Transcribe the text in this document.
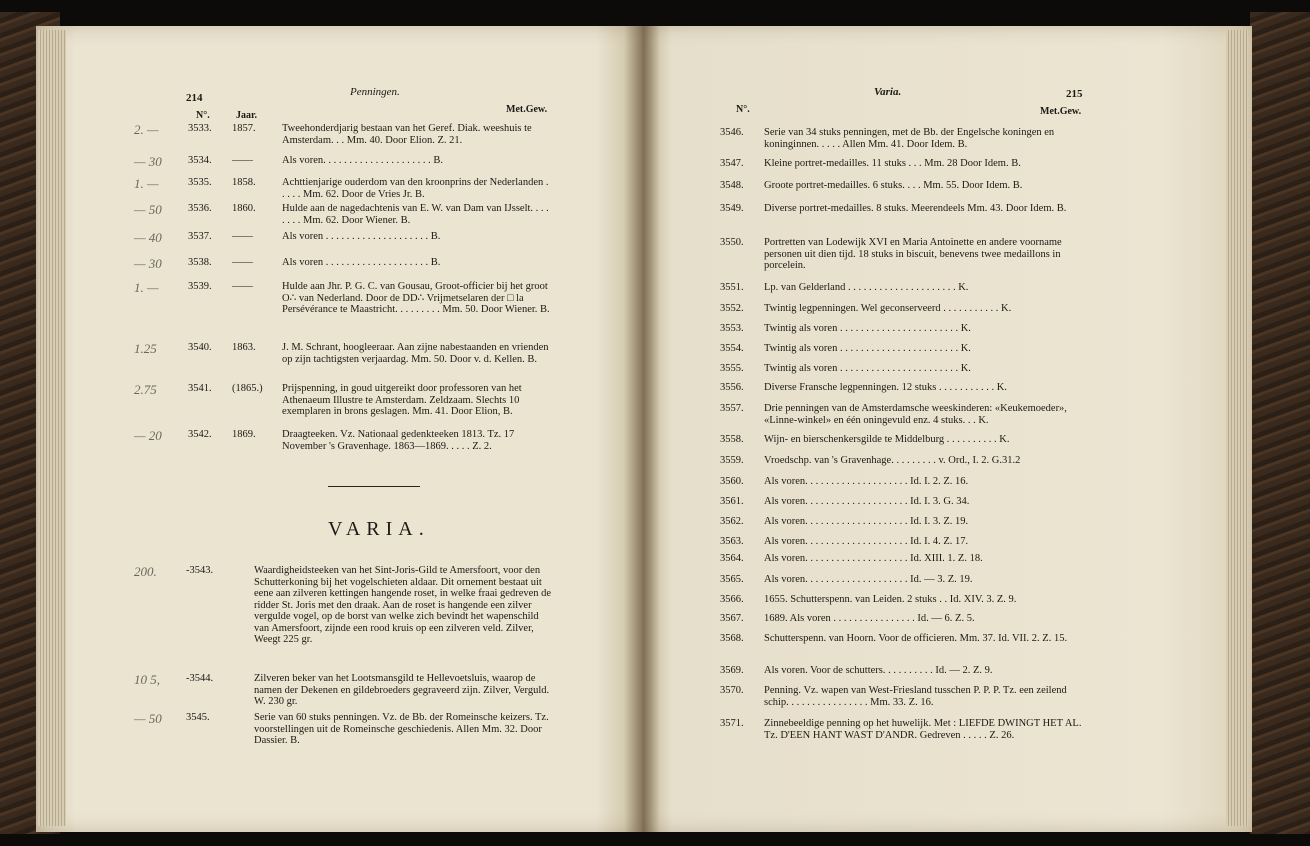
214	Penningen.
N°.	Jaar.
Met.Gew.
2. —	3533. 1857.	Tweehonderdjarig bestaan van het Geref. Diak. weeshuis te Amsterdam. . . Mm. 40. Door Elion. Z. 21.
— 30 3534. ——	Als voren. . . . . . . . . . . . . . . . . . . . . B.
1. —	3535. 1858.	Achttienjarige ouderdom van den kroonprins der Nederlanden . . . . . Mm. 62. Door de Vries Jr. B.
— 50 3536. 1860.	Hulde aan de nagedachtenis van E. W. van Dam van IJsselt. . . . . . . . Mm. 62. Door Wiener. B.
— 40 3537. ——	Als voren . . . . . . . . . . . . . . . . . . . . B.
— 30 3538. ——	Als voren . . . . . . . . . . . . . . . . . . . . B.
1. —	3539. ——	Hulde aan Jhr. P. G. C. van Gousau, Groot-officier bij het groot O∴ van Nederland. Door de DD∴ Vrijmetselaren der □ la Persévérance te Maastricht. . . . . . . . . Mm. 50. Door Wiener. B.
1.25	3540. 1863.	J. M. Schrant, hoogleeraar. Aan zijne nabestaanden en vrienden op zijn tachtigsten verjaardag. Mm. 50. Door v. d. Kellen. B.
2.75	3541. (1865.) Prijspenning, in goud uitgereikt door professoren van het Athenaeum Illustre te Amsterdam. Zeldzaam. Slechts 10 exemplaren in brons geslagen. Mm. 41. Door Elion, B.
— 20 3542. 1869.	Draagteeken. Vz. Nationaal gedenkteeken 1813. Tz. 17 November 's Gravenhage. 1863—1869. . . . . Z. 2.
VARIA.
200.	-3543.	Waardigheidsteeken van het Sint-Joris-Gild te Amersfoort, voor den Schutterkoning bij het vogelschieten aldaar. Dit ornement bestaat uit eene aan zilveren kettingen hangende roset, in welke fraai gedreven de ridder St. Joris met den draak. Aan de roset is hangende een zilver vergulde vogel, op de borst van welke zich bevindt het wapenschild van Amersfoort, zijnde een rood kruis op een zilveren veld. Zilver, Weegt 225 gr.
10 5, -3544.	Zilveren beker van het Lootsmansgild te Hellevoetsluis, waarop de namen der Dekenen en gildebroeders gegraveerd zijn. Zilver, Verguld. W. 230 gr.
— 50 3545.	Serie van 60 stuks penningen. Vz. de Bb. der Romeinsche keizers. Tz. voorstellingen uit de Romeinsche geschiedenis. Allen Mm. 32. Door Dassier. B.
Varia.	215
N°.	Met.Gew.
3546. Serie van 34 stuks penningen, met de Bb. der Engelsche koningen en koninginnen. . . . . Allen Mm. 41. Door Idem. B.
3547. Kleine portret-medailles. 11 stuks . . . Mm. 28 Door Idem. B.
3548. Groote portret-medailles. 6 stuks. . . . Mm. 55. Door Idem. B.
3549. Diverse portret-medailles. 8 stuks. Meerendeels Mm. 43. Door Idem. B.
3550. Portretten van Lodewijk XVI en Maria Antoinette en andere voorname personen uit dien tijd. 18 stuks in biscuit, benevens twee medaillons in porcelein.
3551. Lp. van Gelderland . . . . . . . . . . . . . . . . . . . . . K.
3552. Twintig legpenningen. Wel geconserveerd . . . . . . . . . . . K.
3553. Twintig als voren . . . . . . . . . . . . . . . . . . . . . . . K.
3554. Twintig als voren . . . . . . . . . . . . . . . . . . . . . . . K.
3555. Twintig als voren . . . . . . . . . . . . . . . . . . . . . . . K.
3556. Diverse Fransche legpenningen. 12 stuks . . . . . . . . . . . K.
3557. Drie penningen van de Amsterdamsche weeskinderen: «Keukemoeder», «Linne-winkel» en één oningevuld enz. 4 stuks. . . K.
3558. Wijn- en bierschenkersgilde te Middelburg . . . . . . . . . . K.
3559. Vroedschp. van 's Gravenhage. . . . . . . . . v. Ord., I. 2. G.31.2
3560. Als voren. . . . . . . . . . . . . . . . . . . . Id. I. 2. Z. 16.
3561. Als voren. . . . . . . . . . . . . . . . . . . . Id. I. 3. G. 34.
3562. Als voren. . . . . . . . . . . . . . . . . . . . Id. I. 3. Z. 19.
3563. Als voren. . . . . . . . . . . . . . . . . . . . Id. I. 4. Z. 17.
3564. Als voren. . . . . . . . . . . . . . . . . . . . Id. XIII. 1. Z. 18.
3565. Als voren. . . . . . . . . . . . . . . . . . . . Id. — 3. Z. 19.
3566. 1655. Schutterspenn. van Leiden. 2 stuks . . Id. XIV. 3. Z. 9.
3567. 1689. Als voren . . . . . . . . . . . . . . . . Id. — 6. Z. 5.
3568. Schutterspenn. van Hoorn. Voor de officieren. Mm. 37. Id. VII. 2. Z. 15.
3569. Als voren. Voor de schutters. . . . . . . . . . Id. — 2. Z. 9.
3570. Penning. Vz. wapen van West-Friesland tusschen P. P. P. Tz. een zeilend schip. . . . . . . . . . . . . . . . Mm. 33. Z. 16.
3571. Zinnebeeldige penning op het huwelijk. Met : LIEFDE DWINGT HET AL. Tz. D'EEN HANT WAST D'ANDR. Gedreven . . . . . Z. 26.
